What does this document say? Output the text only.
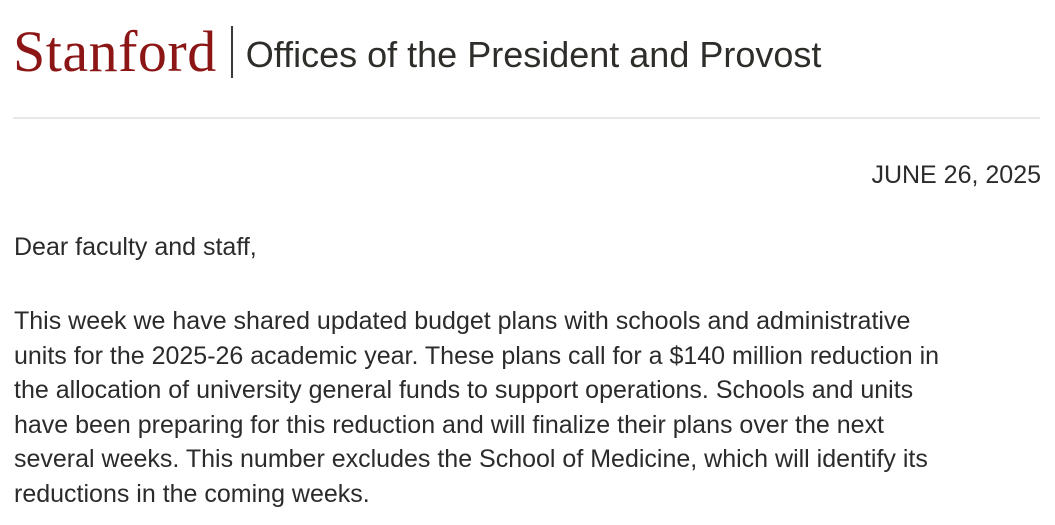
Stanford Offices of the President and Provost
JUNE 26, 2025
Dear faculty and staff,
This week we have shared updated budget plans with schools and administrative
units for the 2025-26 academic year. These plans call for a $140 million reduction in
the allocation of university general funds to support operations. Schools and units
have been preparing for this reduction and will finalize their plans over the next
several weeks. This number excludes the School of Medicine, which will identify its
reductions in the coming weeks.
